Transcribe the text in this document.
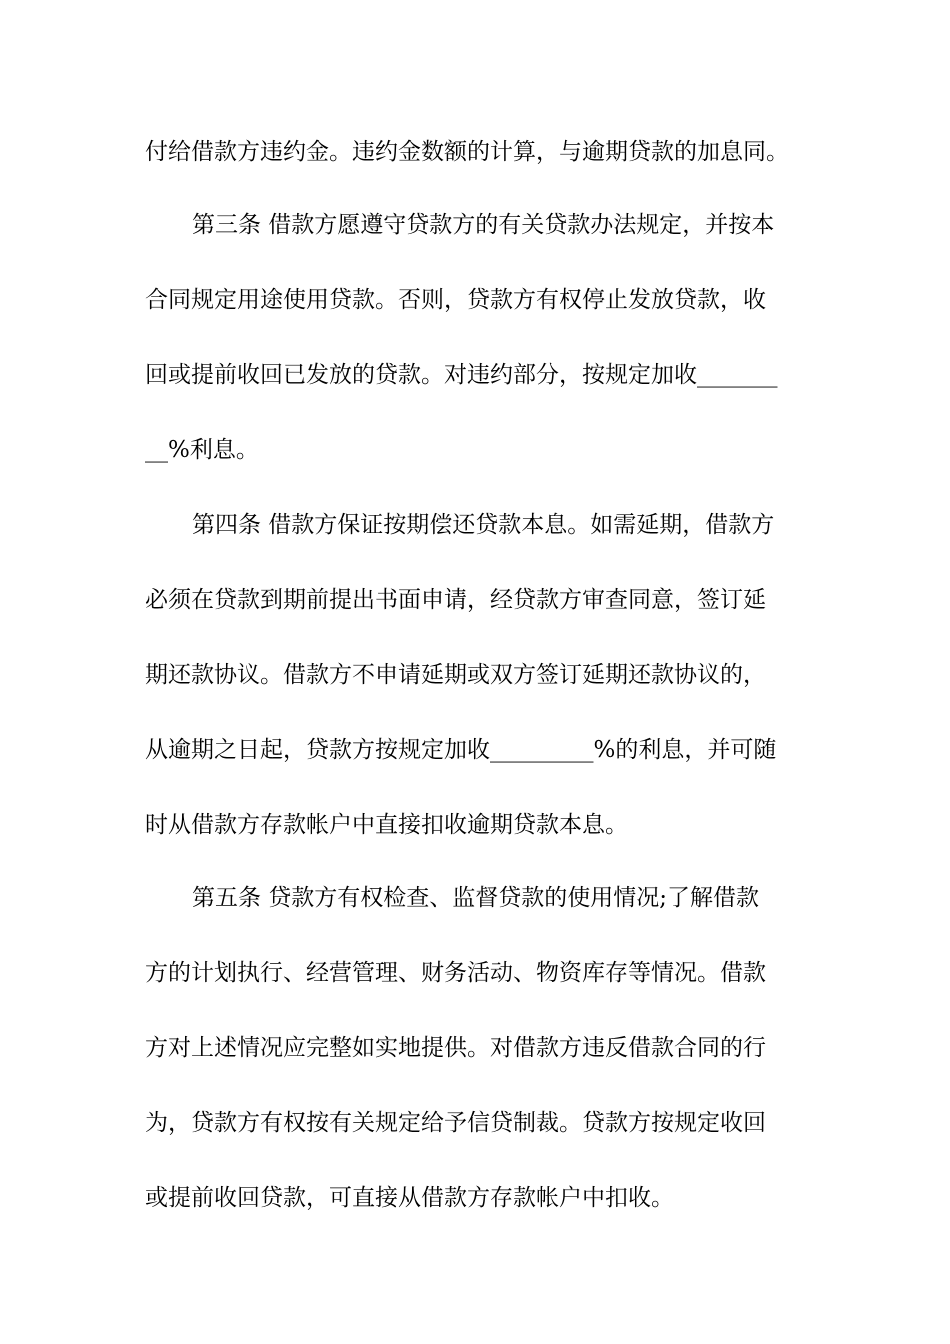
付给借款方违约金。违约金数额的计算，与逾期贷款的加息同。
第三条 借款方愿遵守贷款方的有关贷款办法规定，并按本
合同规定用途使用贷款。否则，贷款方有权停止发放贷款，收
回或提前收回已发放的贷款。对违约部分，按规定加收_______
__%利息。
第四条 借款方保证按期偿还贷款本息。如需延期，借款方
必须在贷款到期前提出书面申请，经贷款方审查同意，签订延
期还款协议。借款方不申请延期或双方签订延期还款协议的，
从逾期之日起，贷款方按规定加收_________%的利息，并可随
时从借款方存款帐户中直接扣收逾期贷款本息。
第五条 贷款方有权检查、监督贷款的使用情况;了解借款
方的计划执行、经营管理、财务活动、物资库存等情况。借款
方对上述情况应完整如实地提供。对借款方违反借款合同的行
为，贷款方有权按有关规定给予信贷制裁。贷款方按规定收回
或提前收回贷款，可直接从借款方存款帐户中扣收。
